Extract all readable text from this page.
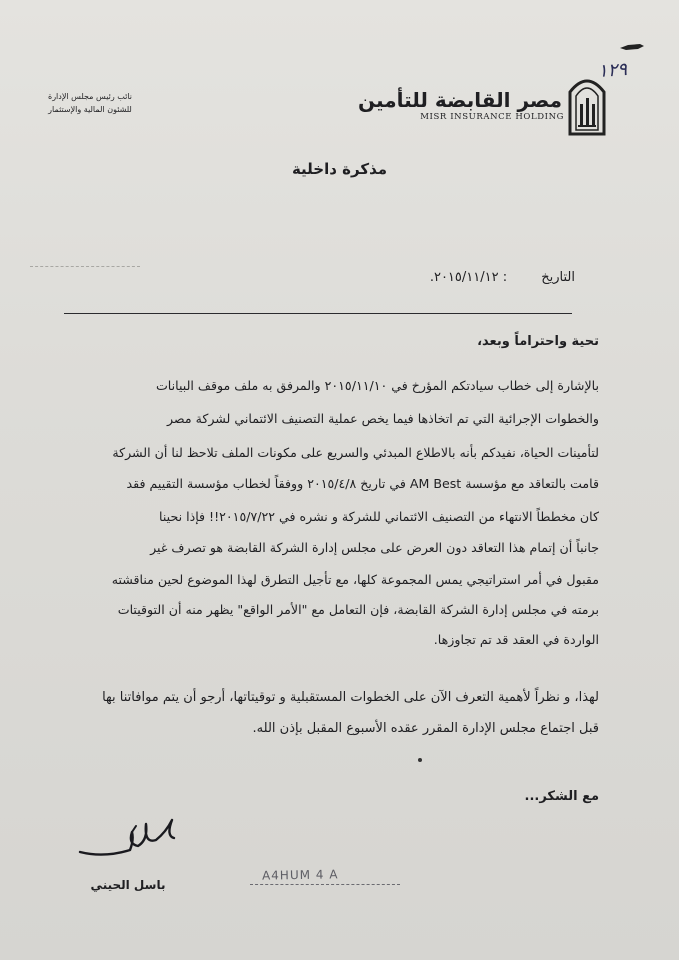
١٢٩
مصر القابضة للتأمين
MISR INSURANCE HOLDING
نائب رئيس مجلس الإدارة
للشئون المالية والإستثمار
مذكرة داخلية
التاريخ : ٢٠١٥/١١/١٢.
تحية واحتراماً وبعد،
بالإشارة إلى خطاب سيادتكم المؤرخ في ٢٠١٥/١١/١٠ والمرفق به ملف موقف البيانات
والخطوات الإجرائية التي تم اتخاذها فيما يخص عملية التصنيف الائتماني لشركة مصر
لتأمينات الحياة، نفيدكم بأنه بالاطلاع المبدئي والسريع على مكونات الملف تلاحظ لنا أن الشركة
قامت بالتعاقد مع مؤسسة AM Best في تاريخ ٢٠١٥/٤/٨ ووفقاً لخطاب مؤسسة التقييم فقد
كان مخططاً الانتهاء من التصنيف الائتماني للشركة و نشره في ٢٠١٥/٧/٢٢!! فإذا نحينا
جانباً أن إتمام هذا التعاقد دون العرض على مجلس إدارة الشركة القابضة هو تصرف غير
مقبول في أمر استراتيجي يمس المجموعة كلها، مع تأجيل التطرق لهذا الموضوع لحين مناقشته
برمته في مجلس إدارة الشركة القابضة، فإن التعامل مع "الأمر الواقع" يظهر منه أن التوقيتات
الواردة في العقد قد تم تجاوزها.
لهذا، و نظراً لأهمية التعرف الآن على الخطوات المستقبلية و توقيتاتها، أرجو أن يتم موافاتنا بها
قبل اجتماع مجلس الإدارة المقرر عقده الأسبوع المقبل بإذن الله.
مع الشكر...
باسل الحيني
A4HUM 4 A
